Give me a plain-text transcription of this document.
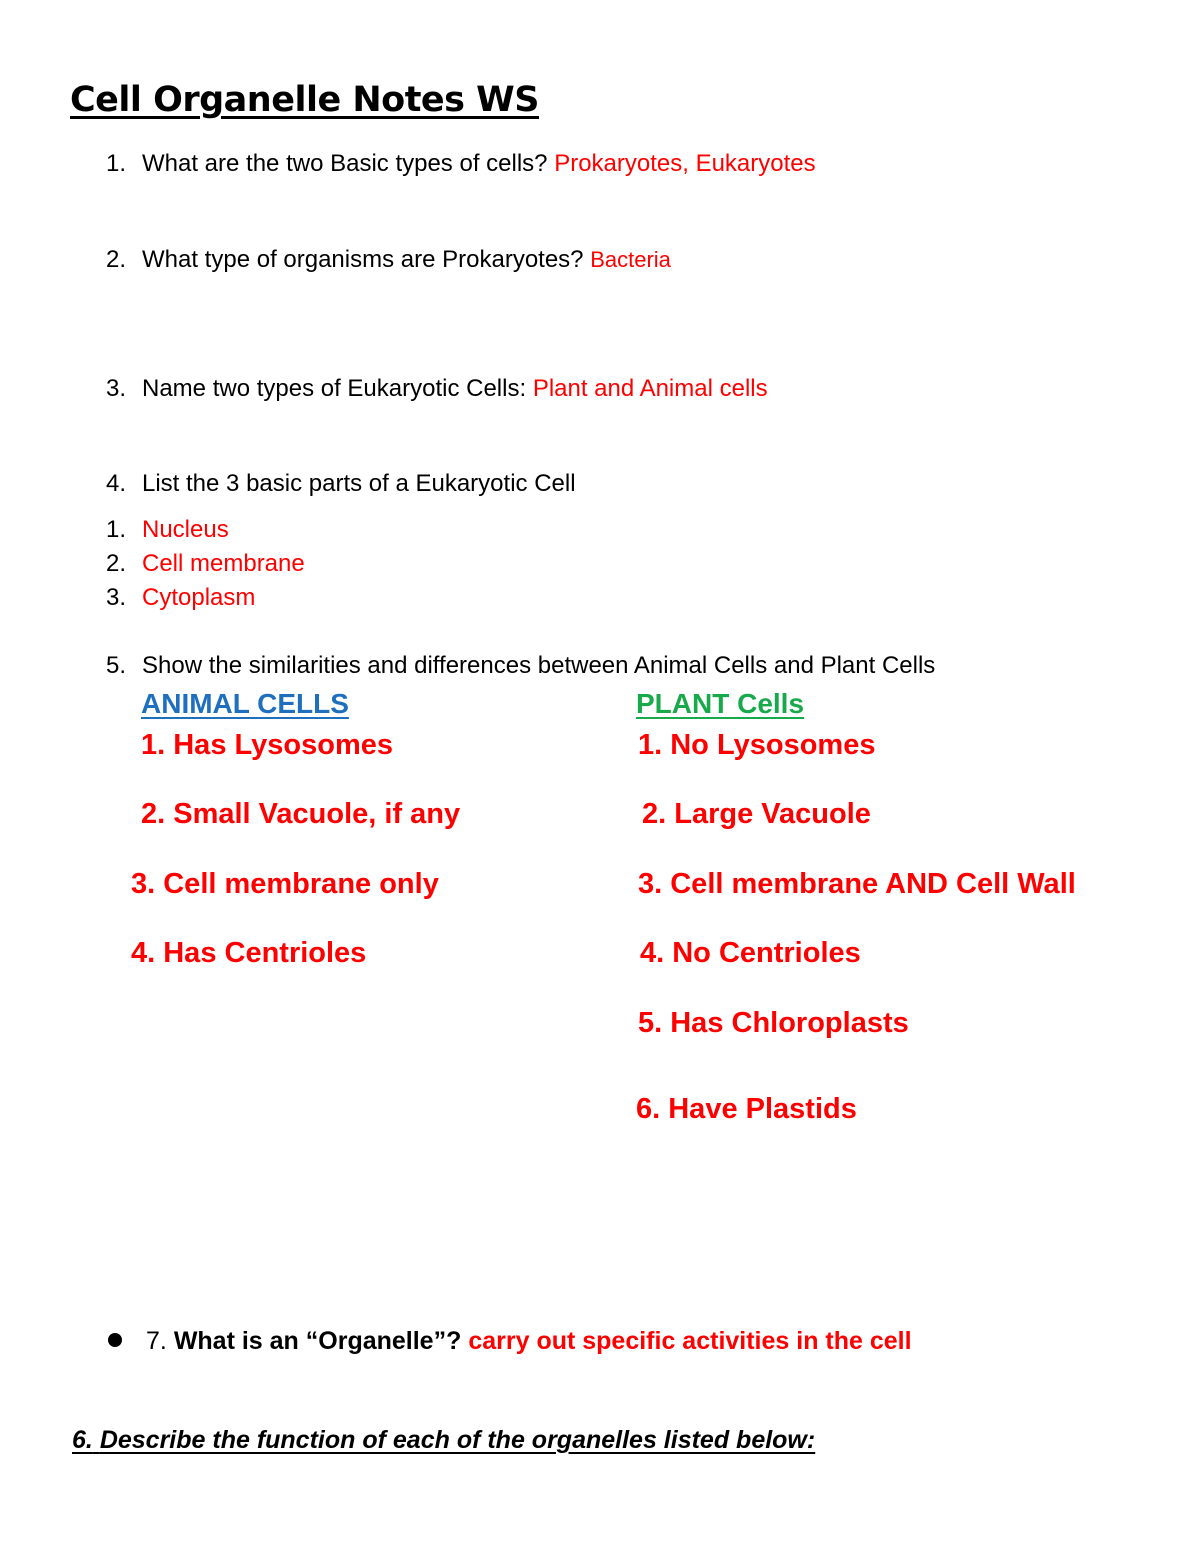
Cell Organelle Notes WS
1. What are the two Basic types of cells? Prokaryotes, Eukaryotes
2. What type of organisms are Prokaryotes? Bacteria
3. Name two types of Eukaryotic Cells: Plant and Animal cells
4. List the 3 basic parts of a Eukaryotic Cell
1. Nucleus
2. Cell membrane
3. Cytoplasm
5. Show the similarities and differences between Animal Cells and Plant Cells
ANIMAL CELLS	PLANT Cells
1. Has Lysosomes
2. Small Vacuole, if any
3. Cell membrane only
4. Has Centrioles
1. No Lysosomes
2. Large Vacuole
3. Cell membrane AND Cell Wall
4. No Centrioles
5. Has Chloroplasts
6. Have Plastids
7. What is an “Organelle”? carry out specific activities in the cell
6. Describe the function of each of the organelles listed below:
